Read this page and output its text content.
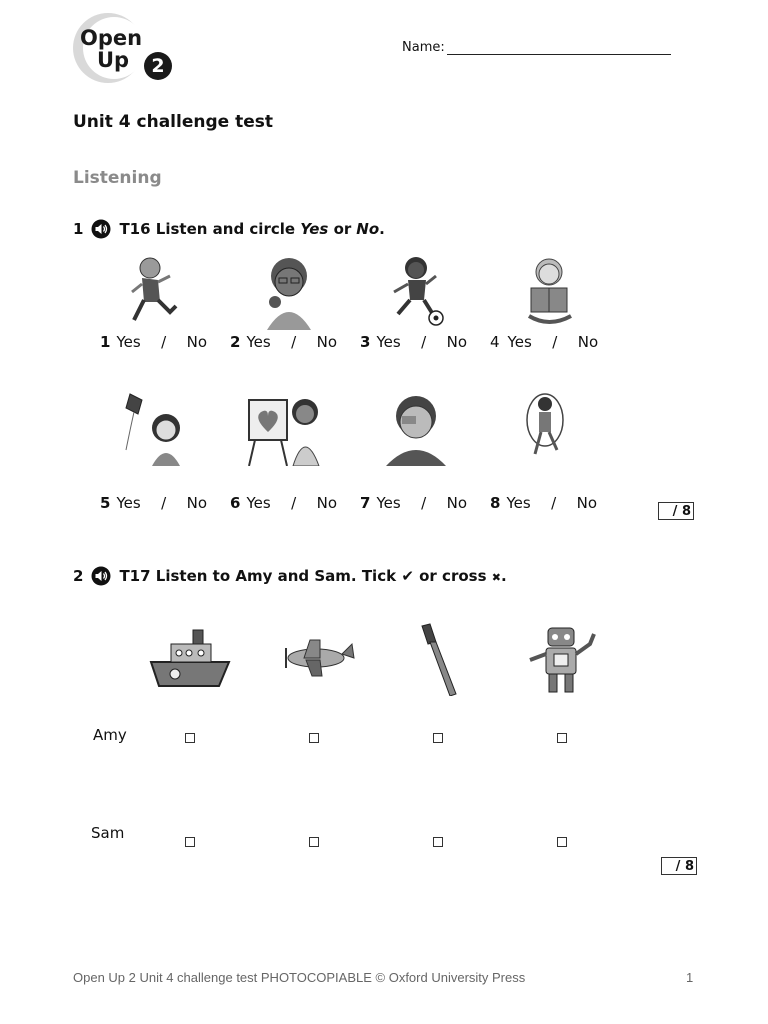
Open
Up	2
Name:
Unit 4 challenge test
Listening
1 T16 Listen and circle Yes or No.
1 Yes / No 2 Yes / No 3 Yes / No 4 Yes / No
5 Yes / No 6 Yes / No 7 Yes / No 8 Yes / No	/ 8
2 T17 Listen to Amy and Sam. Tick ✔ or cross ✖.
Amy
Sam
/ 8
Open Up 2 Unit 4 challenge test PHOTOCOPIABLE © Oxford University Press	1
